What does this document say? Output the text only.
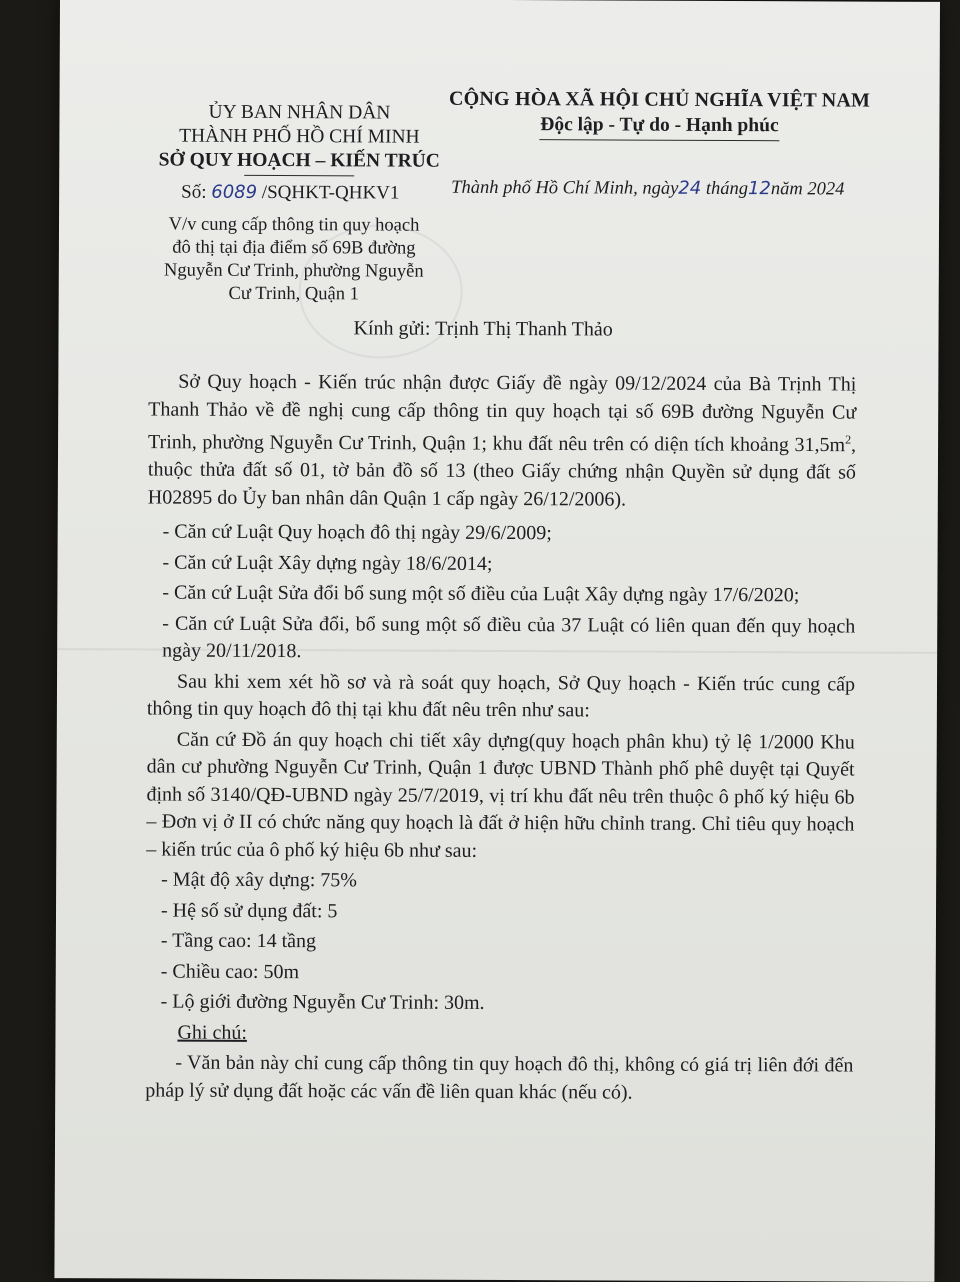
ỦY BAN NHÂN DÂN
THÀNH PHỐ HỒ CHÍ MINH
SỞ QUY HOẠCH – KIẾN TRÚC
CỘNG HÒA XÃ HỘI CHỦ NGHĨA VIỆT NAM
Độc lập - Tự do - Hạnh phúc
Số: 6089 /SQHKT-QHKV1	Thành phố Hồ Chí Minh, ngày24 tháng12năm 2024
V/v cung cấp thông tin quy hoạch
đô thị tại địa điểm số 69B đường
Nguyễn Cư Trinh, phường Nguyễn
Cư Trinh, Quận 1
Kính gửi: Trịnh Thị Thanh Thảo

Sở Quy hoạch - Kiến trúc nhận được Giấy đề ngày 09/12/2024 của Bà Trịnh Thị Thanh Thảo về đề nghị cung cấp thông tin quy hoạch tại số 69B đường Nguyễn Cư Trinh, phường Nguyễn Cư Trinh, Quận 1; khu đất nêu trên có diện tích khoảng $31,5m^2$, thuộc thửa đất số 01, tờ bản đồ số 13 (theo Giấy chứng nhận Quyền sử dụng đất số H02895 do Ủy ban nhân dân Quận 1 cấp ngày 26/12/2006).

- Căn cứ Luật Quy hoạch đô thị ngày 29/6/2009;

- Căn cứ Luật Xây dựng ngày 18/6/2014;

- Căn cứ Luật Sửa đổi bổ sung một số điều của Luật Xây dựng ngày 17/6/2020;

- Căn cứ Luật Sửa đổi, bổ sung một số điều của 37 Luật có liên quan đến quy hoạch ngày 20/11/2018.

Sau khi xem xét hồ sơ và rà soát quy hoạch, Sở Quy hoạch - Kiến trúc cung cấp thông tin quy hoạch đô thị tại khu đất nêu trên như sau:

Căn cứ Đồ án quy hoạch chi tiết xây dựng(quy hoạch phân khu) tỷ lệ 1/2000 Khu dân cư phường Nguyễn Cư Trinh, Quận 1 được UBND Thành phố phê duyệt tại Quyết định số 3140/QĐ-UBND ngày 25/7/2019, vị trí khu đất nêu trên thuộc ô phố ký hiệu 6b – Đơn vị ở II có chức năng quy hoạch là đất ở hiện hữu chỉnh trang. Chỉ tiêu quy hoạch – kiến trúc của ô phố ký hiệu 6b như sau:

- Mật độ xây dựng: 75%

- Hệ số sử dụng đất: 5

- Tầng cao: 14 tầng

- Chiều cao: 50m

- Lộ giới đường Nguyễn Cư Trinh: 30m.

Ghi chú:

- Văn bản này chỉ cung cấp thông tin quy hoạch đô thị, không có giá trị liên đới đến pháp lý sử dụng đất hoặc các vấn đề liên quan khác (nếu có).
